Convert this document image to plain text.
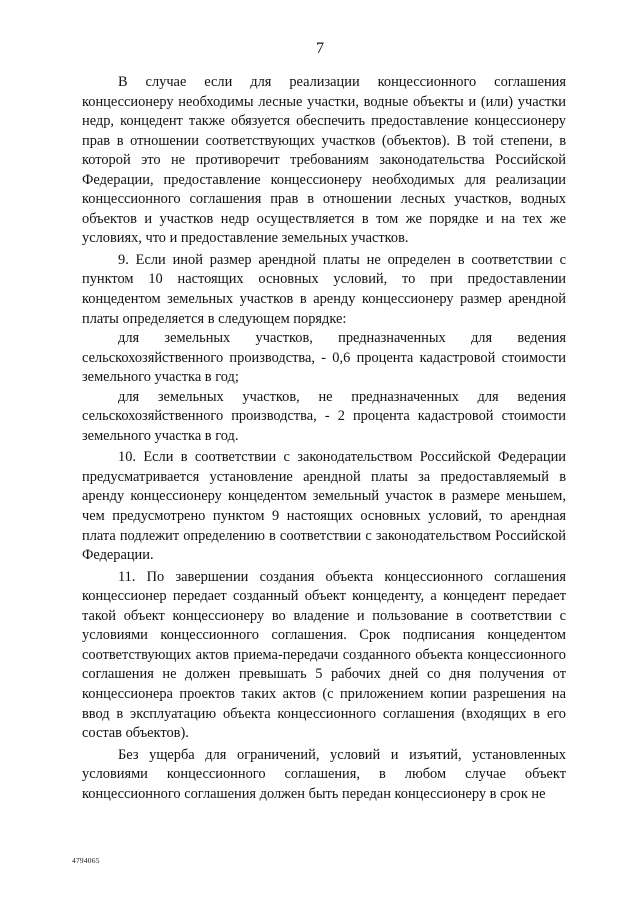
7

В случае если для реализации концессионного соглашения концессионеру необходимы лесные участки, водные объекты и (или) участки недр, концедент также обязуется обеспечить предоставление концессионеру прав в отношении соответствующих участков (объектов). В той степени, в которой это не противоречит требованиям законодательства Российской Федерации, предоставление концессионеру необходимых для реализации концессионного соглашения прав в отношении лесных участков, водных объектов и участков недр осуществляется в том же порядке и на тех же условиях, что и предоставление земельных участков.

9. Если иной размер арендной платы не определен в соответствии с пунктом 10 настоящих основных условий, то при предоставлении концедентом земельных участков в аренду концессионеру размер арендной платы определяется в следующем порядке:

для земельных участков, предназначенных для ведения сельскохозяйственного производства, - 0,6 процента кадастровой стоимости земельного участка в год;

для земельных участков, не предназначенных для ведения сельскохозяйственного производства, - 2 процента кадастровой стоимости земельного участка в год.

10. Если в соответствии с законодательством Российской Федерации предусматривается установление арендной платы за предоставляемый в аренду концессионеру концедентом земельный участок в размере меньшем, чем предусмотрено пунктом 9 настоящих основных условий, то арендная плата подлежит определению в соответствии с законодательством Российской Федерации.

11. По завершении создания объекта концессионного соглашения концессионер передает созданный объект концеденту, а концедент передает такой объект концессионеру во владение и пользование в соответствии с условиями концессионного соглашения. Срок подписания концедентом соответствующих актов приема-передачи созданного объекта концессионного соглашения не должен превышать 5 рабочих дней со дня получения от концессионера проектов таких актов (с приложением копии разрешения на ввод в эксплуатацию объекта концессионного соглашения (входящих в его состав объектов).

Без ущерба для ограничений, условий и изъятий, установленных условиями концессионного соглашения, в любом случае объект концессионного соглашения должен быть передан концессионеру в срок не

4794065
